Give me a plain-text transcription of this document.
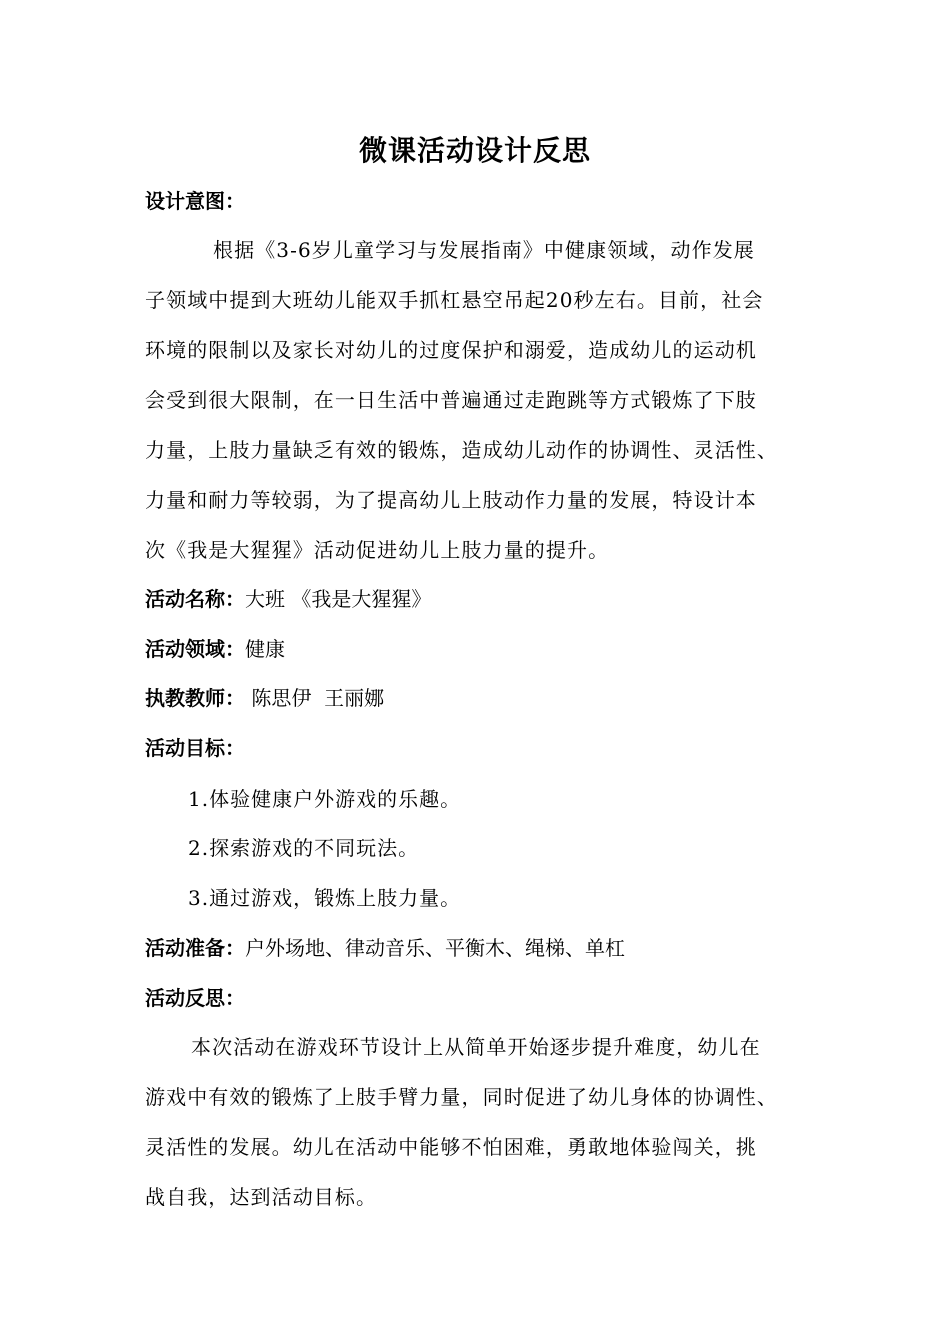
微课活动设计反思
设计意图：
根据《3-6岁儿童学习与发展指南》中健康领域，动作发展
子领域中提到大班幼儿能双手抓杠悬空吊起20秒左右。目前，社会
环境的限制以及家长对幼儿的过度保护和溺爱，造成幼儿的运动机
会受到很大限制，在一日生活中普遍通过走跑跳等方式锻炼了下肢
力量，上肢力量缺乏有效的锻炼，造成幼儿动作的协调性、灵活性、
力量和耐力等较弱，为了提高幼儿上肢动作力量的发展，特设计本
次《我是大猩猩》活动促进幼儿上肢力量的提升。
活动名称：大班 《我是大猩猩》
活动领域：健康
执教教师： 陈思伊  王丽娜
活动目标：
1.体验健康户外游戏的乐趣。
2.探索游戏的不同玩法。
3.通过游戏，锻炼上肢力量。
活动准备：户外场地、律动音乐、平衡木、绳梯、单杠
活动反思：
本次活动在游戏环节设计上从简单开始逐步提升难度，幼儿在
游戏中有效的锻炼了上肢手臂力量，同时促进了幼儿身体的协调性、
灵活性的发展。幼儿在活动中能够不怕困难，勇敢地体验闯关，挑
战自我，达到活动目标。
